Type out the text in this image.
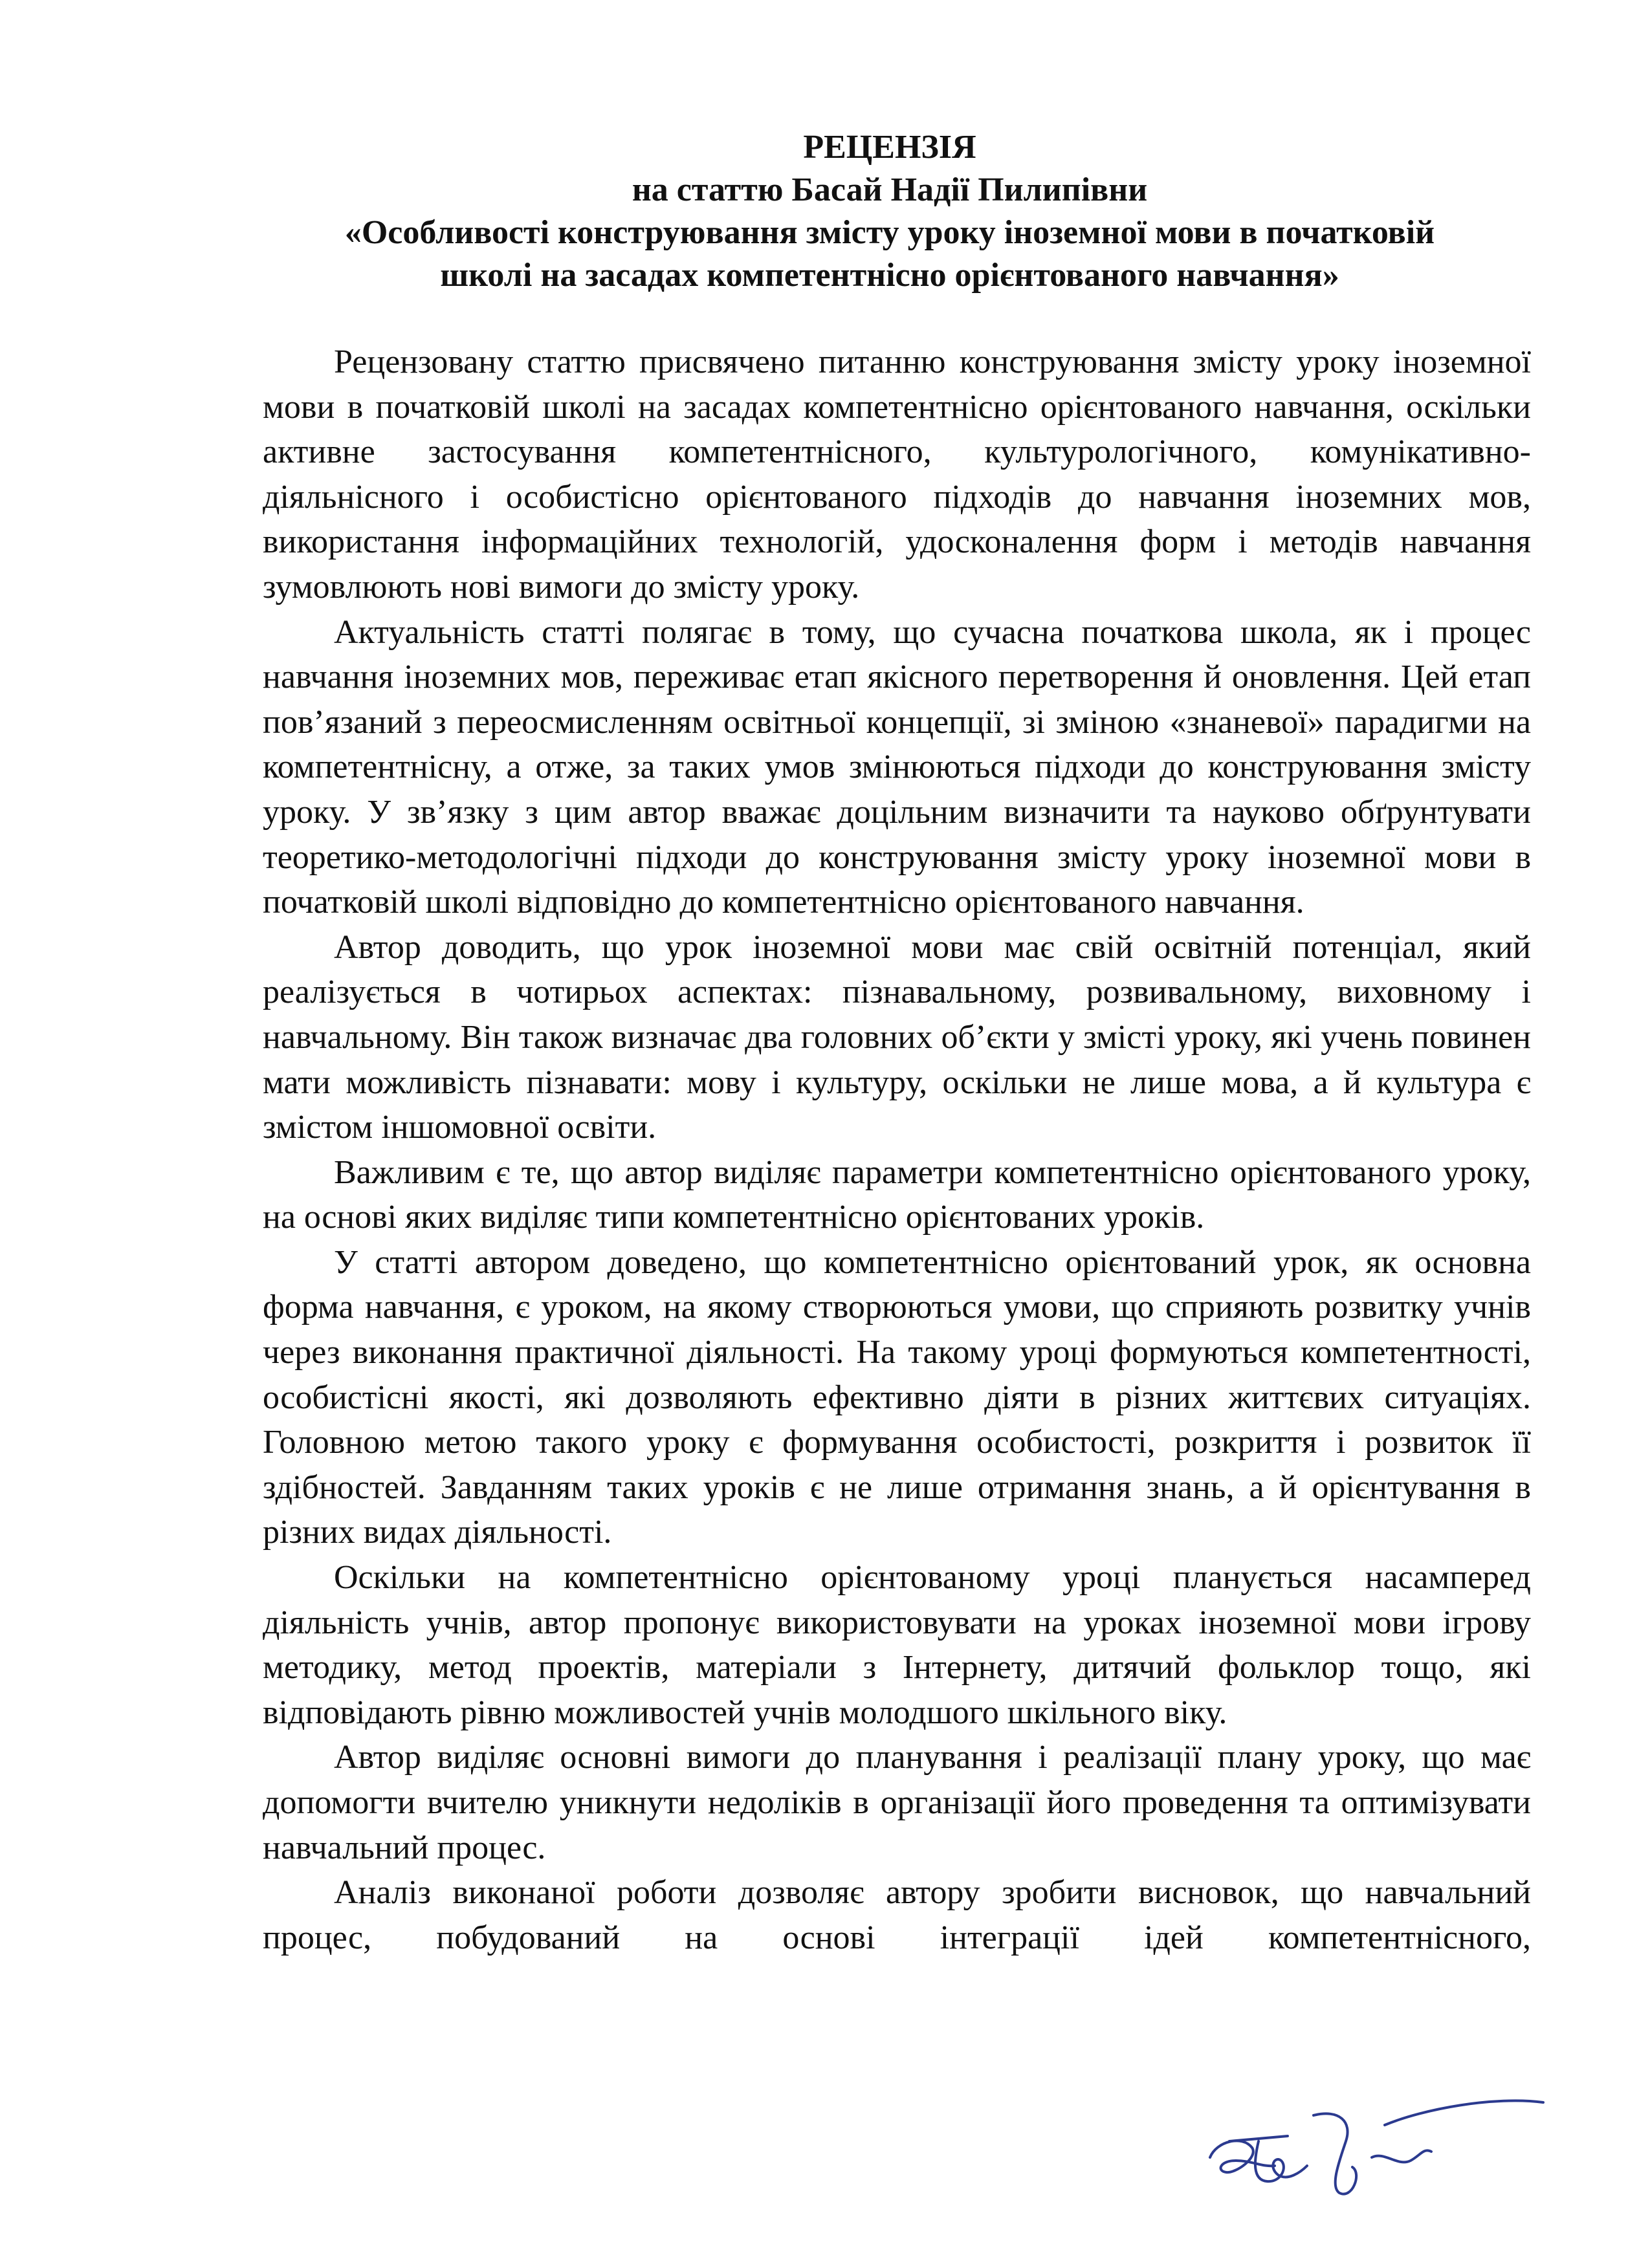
РЕЦЕНЗІЯ
на статтю Басай Надії Пилипівни
«Особливості конструювання змісту уроку іноземної мови в початковій
школі на засадах компетентнісно орієнтованого навчання»

Рецензовану статтю присвячено питанню конструювання змісту уроку іноземної мови в початковій школі на засадах компетентнісно орієнтованого навчання, оскільки активне застосування компетентнісного, культурологічного, комунікативно-діяльнісного і особистісно орієнтованого підходів до навчання іноземних мов, використання інформаційних технологій, удосконалення форм і методів навчання зумовлюють нові вимоги до змісту уроку.

Актуальність статті полягає в тому, що сучасна початкова школа, як і процес навчання іноземних мов, переживає етап якісного перетворення й оновлення. Цей етап пов’язаний з переосмисленням освітньої концепції, зі зміною «знаневої» парадигми на компетентнісну, а отже, за таких умов змінюються підходи до конструювання змісту уроку. У зв’язку з цим автор вважає доцільним визначити та науково обґрунтувати теоретико-методологічні підходи до конструювання змісту уроку іноземної мови в початковій школі відповідно до компетентнісно орієнтованого навчання.

Автор доводить, що урок іноземної мови має свій освітній потенціал, який реалізується в чотирьох аспектах: пізнавальному, розвивальному, виховному і навчальному. Він також визначає два головних об’єкти у змісті уроку, які учень повинен мати можливість пізнавати: мову і культуру, оскільки не лише мова, а й культура є змістом іншомовної освіти.

Важливим є те, що автор виділяє параметри компетентнісно орієнтованого уроку, на основі яких виділяє типи компетентнісно орієнтованих уроків.

У статті автором доведено, що компетентнісно орієнтований урок, як основна форма навчання, є уроком, на якому створюються умови, що сприяють розвитку учнів через виконання практичної діяльності. На такому уроці формуються компетентності, особистісні якості, які дозволяють ефективно діяти в різних життєвих ситуаціях. Головною метою такого уроку є формування особистості, розкриття і розвиток її здібностей. Завданням таких уроків є не лише отримання знань, а й орієнтування в різних видах діяльності.

Оскільки на компетентнісно орієнтованому уроці планується насамперед діяльність учнів, автор пропонує використовувати на уроках іноземної мови ігрову методику, метод проектів, матеріали з Інтернету, дитячий фольклор тощо, які відповідають рівню можливостей учнів молодшого шкільного віку.

Автор виділяє основні вимоги до планування і реалізації плану уроку, що має допомогти вчителю уникнути недоліків в організації його проведення та оптимізувати навчальний процес.

Аналіз виконаної роботи дозволяє автору зробити висновок, що навчальний процес, побудований на основі інтеграції ідей компетентнісного,
